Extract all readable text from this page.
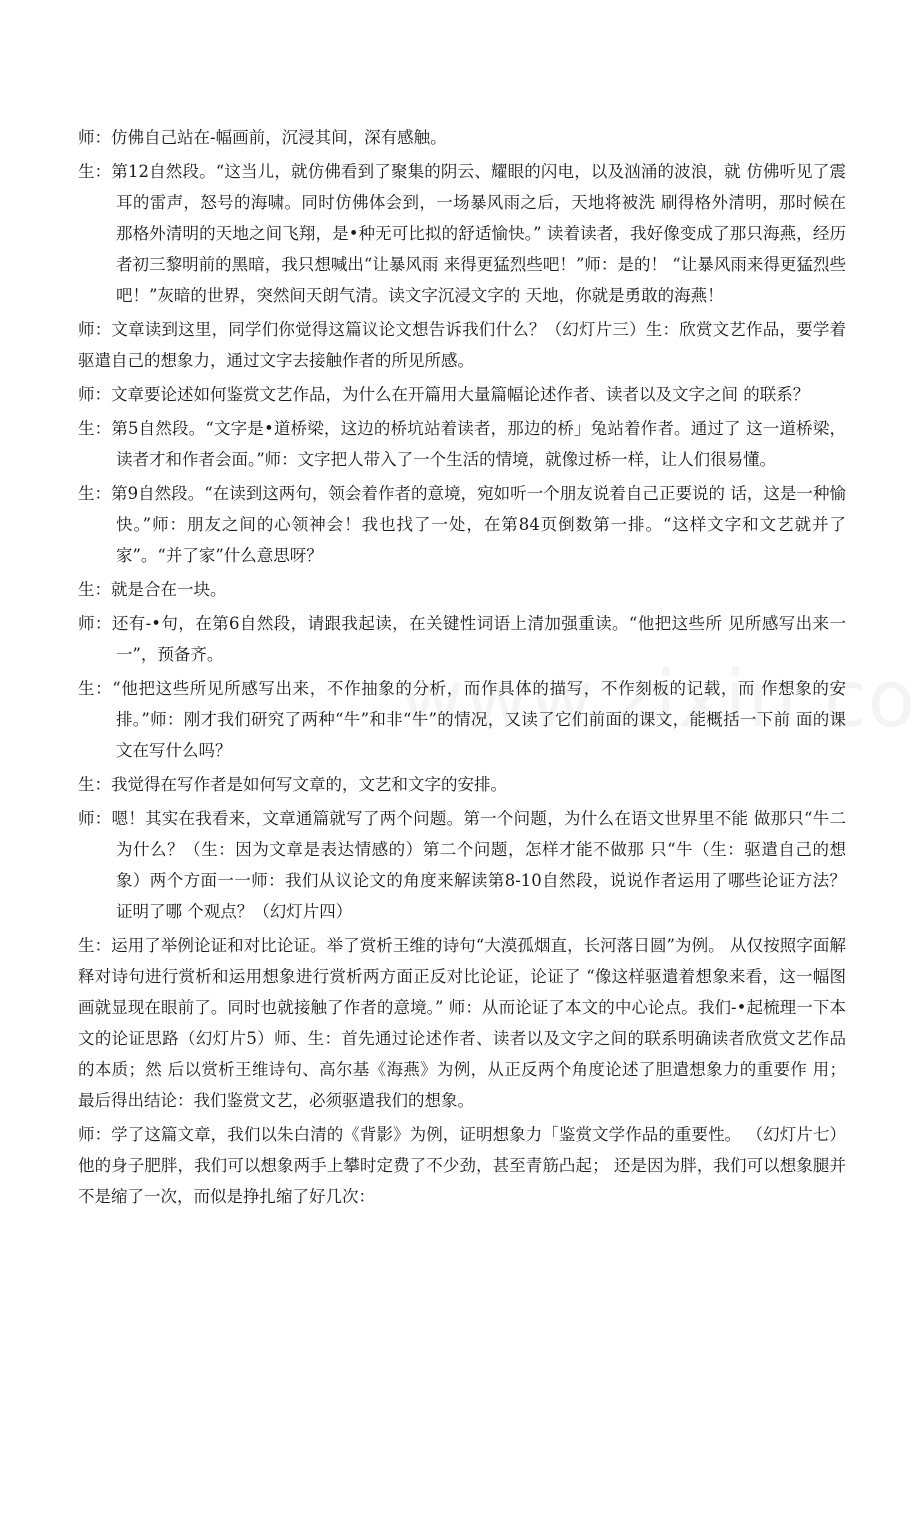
师：仿佛自己站在-幅画前，沉浸其间，深有感触。

生：第12自然段。“这当儿，就仿佛看到了聚集的阴云、耀眼的闪电，以及汹涌的波浪，就 仿佛听见了震耳的雷声，怒号的海啸。同时仿佛体会到，一场暴风雨之后，天地将被洗 刷得格外清明，那时候在那格外清明的天地之间飞翔，是•种无可比拟的舒适愉快。” 读着读者，我好像变成了那只海燕，经历者初三黎明前的黑暗，我只想喊出“让暴风雨 来得更猛烈些吧！”师：是的！ “让暴风雨来得更猛烈些吧！”灰暗的世界，突然间天朗气清。读文字沉浸文字的 天地，你就是勇敢的海燕！

师：文章读到这里，同学们你觉得这篇议论文想告诉我们什么？（幻灯片三）生：欣赏文艺作品，要学着驱遣自己的想象力，通过文字去接触作者的所见所感。

师：文章要论述如何鉴赏文艺作品，为什么在开篇用大量篇幅论述作者、读者以及文字之间 的联系？

生：第5自然段。“文字是•道桥梁，这边的桥坑站着读者，那边的桥」兔站着作者。通过了 这一道桥梁，读者才和作者会面。”师：文字把人带入了一个生活的情境，就像过桥一样，让人们很易懂。

生：第9自然段。“在读到这两句，领会着作者的意境，宛如听一个朋友说着自己正要说的 话，这是一种愉快。”师：朋友之间的心领神会！我也找了一处，在第84页倒数第一排。“这样文字和文艺就并了 家”。“并了家”什么意思呀？

生：就是合在一块。

师：还有-•句，在第6自然段，请跟我起读，在关键性词语上清加强重读。“他把这些所 见所感写出来一一”，预备齐。

生：“他把这些所见所感写出来，不作抽象的分析，而作具体的描写，不作刻板的记载，而 作想象的安排。”师：刚才我们研究了两种“牛”和非“牛”的情况，又读了它们前面的课文，能概括一下前 面的课文在写什么吗？

生：我觉得在写作者是如何写文章的，文艺和文字的安排。

师：嗯！其实在我看来，文章通篇就写了两个问题。第一个问题，为什么在语文世界里不能 做那只“牛二为什么？（生：因为文章是表达情感的）第二个问题，怎样才能不做那 只“牛（生：驱遣自己的想象）两个方面一一师：我们从议论文的角度来解读第8-10自然段，说说作者运用了哪些论证方法？证明了哪 个观点？（幻灯片四）

生：运用了举例论证和对比论证。举了赏析王维的诗句“大漠孤烟直，长河落日圆”为例。 从仅按照字面解释对诗句进行赏析和运用想象进行赏析两方面正反对比论证，论证了 “像这样驱遣着想象来看，这一幅图画就显现在眼前了。同时也就接触了作者的意境。” 师：从而论证了本文的中心论点。我们-•起梳理一下本文的论证思路（幻灯片5）师、生：首先通过论述作者、读者以及文字之间的联系明确读者欣赏文艺作品的本质；然 后以赏析王维诗句、高尔基《海燕》为例，从正反两个角度论述了胆遣想象力的重要作 用；最后得出结论：我们鉴赏文艺，必须驱遣我们的想象。

师：学了这篇文章，我们以朱白清的《背影》为例，证明想象力「鉴赏文学作品的重要性。 （幻灯片七）他的身子肥胖，我们可以想象两手上攀时定费了不少劲，甚至青筋凸起； 还是因为胖，我们可以想象腿并不是缩了一次，而似是挣扎缩了好几次：
